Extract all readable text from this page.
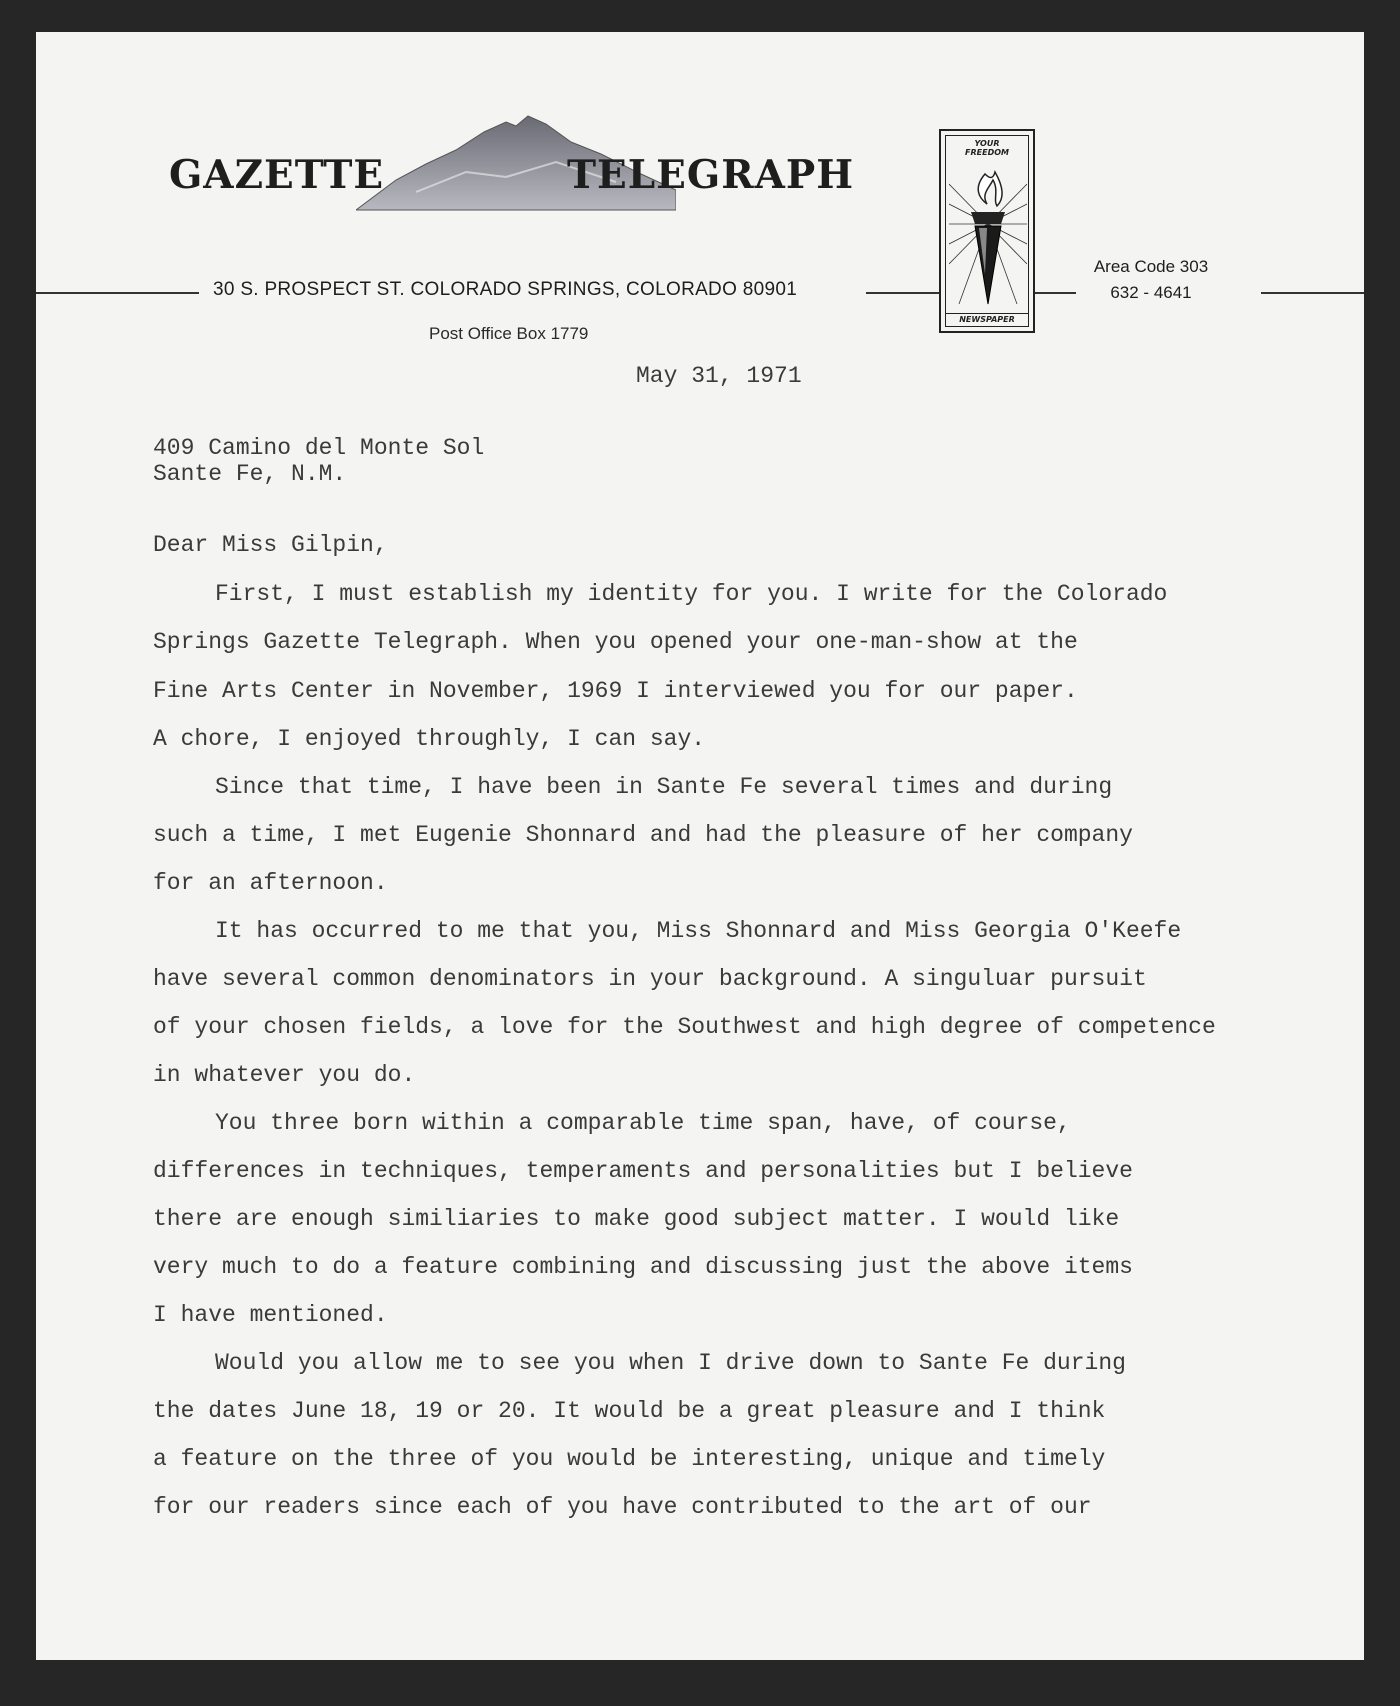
GAZETTE	TELEGRAPH
30 S. PROSPECT ST. COLORADO SPRINGS, COLORADO 80901
Post Office Box 1779
Area Code 303
632 - 4641
YOUR FREEDOM
NEWSPAPER
May 31, 1971
409 Camino del Monte Sol
Sante Fe, N.M.
Dear Miss Gilpin,
First, I must establish my identity for you. I write for the Colorado
Springs Gazette Telegraph. When you opened your one-man-show at the
Fine Arts Center in November, 1969 I interviewed you for our paper.
A chore, I enjoyed throughly, I can say.
Since that time, I have been in Sante Fe several times and during
such a time, I met Eugenie Shonnard and had the pleasure of her company
for an afternoon.
It has occurred to me that you, Miss Shonnard and Miss Georgia O'Keefe
have several common denominators in your background. A singuluar pursuit
of your chosen fields, a love for the Southwest and high degree of competence
in whatever you do.
You three born within a comparable time span, have, of course,
differences in techniques, temperaments and personalities but I believe
there are enough similiaries to make good subject matter. I would like
very much to do a feature combining and discussing just the above items
I have mentioned.
Would you allow me to see you when I drive down to Sante Fe during
the dates June 18, 19 or 20. It would be a great pleasure and I think
a feature on the three of you would be interesting, unique and timely
for our readers since each of you have contributed to the art of our
